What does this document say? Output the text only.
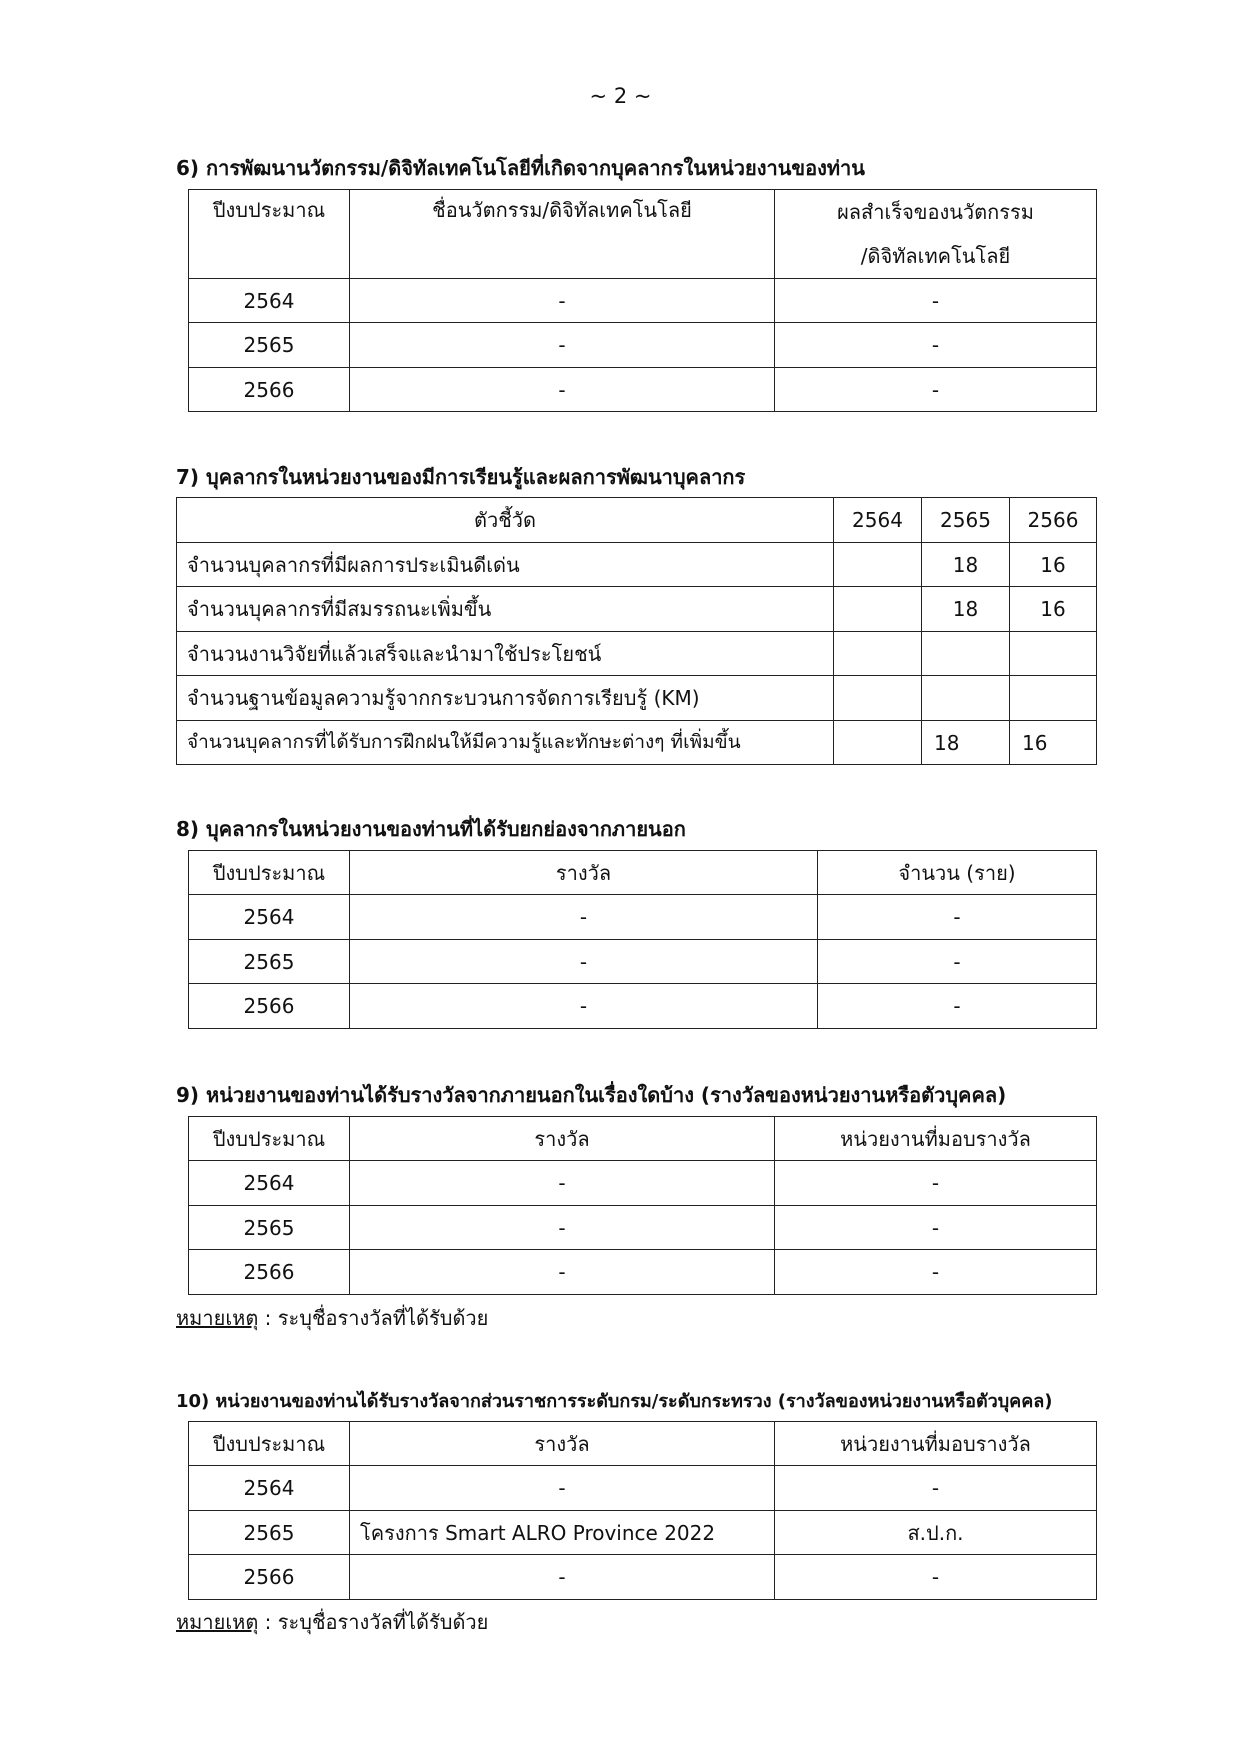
~ 2 ~
6) การพัฒนานวัตกรรม/ดิจิทัลเทคโนโลยีที่เกิดจากบุคลากรในหน่วยงานของท่าน
ปีงบประมาณ	ชื่อนวัตกรรม/ดิจิทัลเทคโนโลยี	ผลสำเร็จของนวัตกรรม
/ดิจิทัลเทคโนโลยี
2564	-	-
2565	-	-
2566	-	-
7) บุคลากรในหน่วยงานของมีการเรียนรู้และผลการพัฒนาบุคลากร
ตัวชี้วัด	2564	2565	2566
จำนวนบุคลากรที่มีผลการประเมินดีเด่น		18	16
จำนวนบุคลากรที่มีสมรรถนะเพิ่มขึ้น		18	16
จำนวนงานวิจัยที่แล้วเสร็จและนำมาใช้ประโยชน์			
จำนวนฐานข้อมูลความรู้จากกระบวนการจัดการเรียบรู้ (KM)			
จำนวนบุคลากรที่ได้รับการฝึกฝนให้มีความรู้และทักษะต่างๆ ที่เพิ่มขึ้น		18	16
8) บุคลากรในหน่วยงานของท่านที่ได้รับยกย่องจากภายนอก
ปีงบประมาณ	รางวัล	จำนวน (ราย)
2564	-	-
2565	-	-
2566	-	-
9) หน่วยงานของท่านได้รับรางวัลจากภายนอกในเรื่องใดบ้าง (รางวัลของหน่วยงานหรือตัวบุคคล)
ปีงบประมาณ	รางวัล	หน่วยงานที่มอบรางวัล
2564	-	-
2565	-	-
2566	-	-
หมายเหตุ : ระบุชื่อรางวัลที่ได้รับด้วย
10) หน่วยงานของท่านได้รับรางวัลจากส่วนราชการระดับกรม/ระดับกระทรวง (รางวัลของหน่วยงานหรือตัวบุคคล)
ปีงบประมาณ	รางวัล	หน่วยงานที่มอบรางวัล
2564	-	-
2565	โครงการ Smart ALRO Province 2022	ส.ป.ก.
2566	-	-
หมายเหตุ : ระบุชื่อรางวัลที่ได้รับด้วย
